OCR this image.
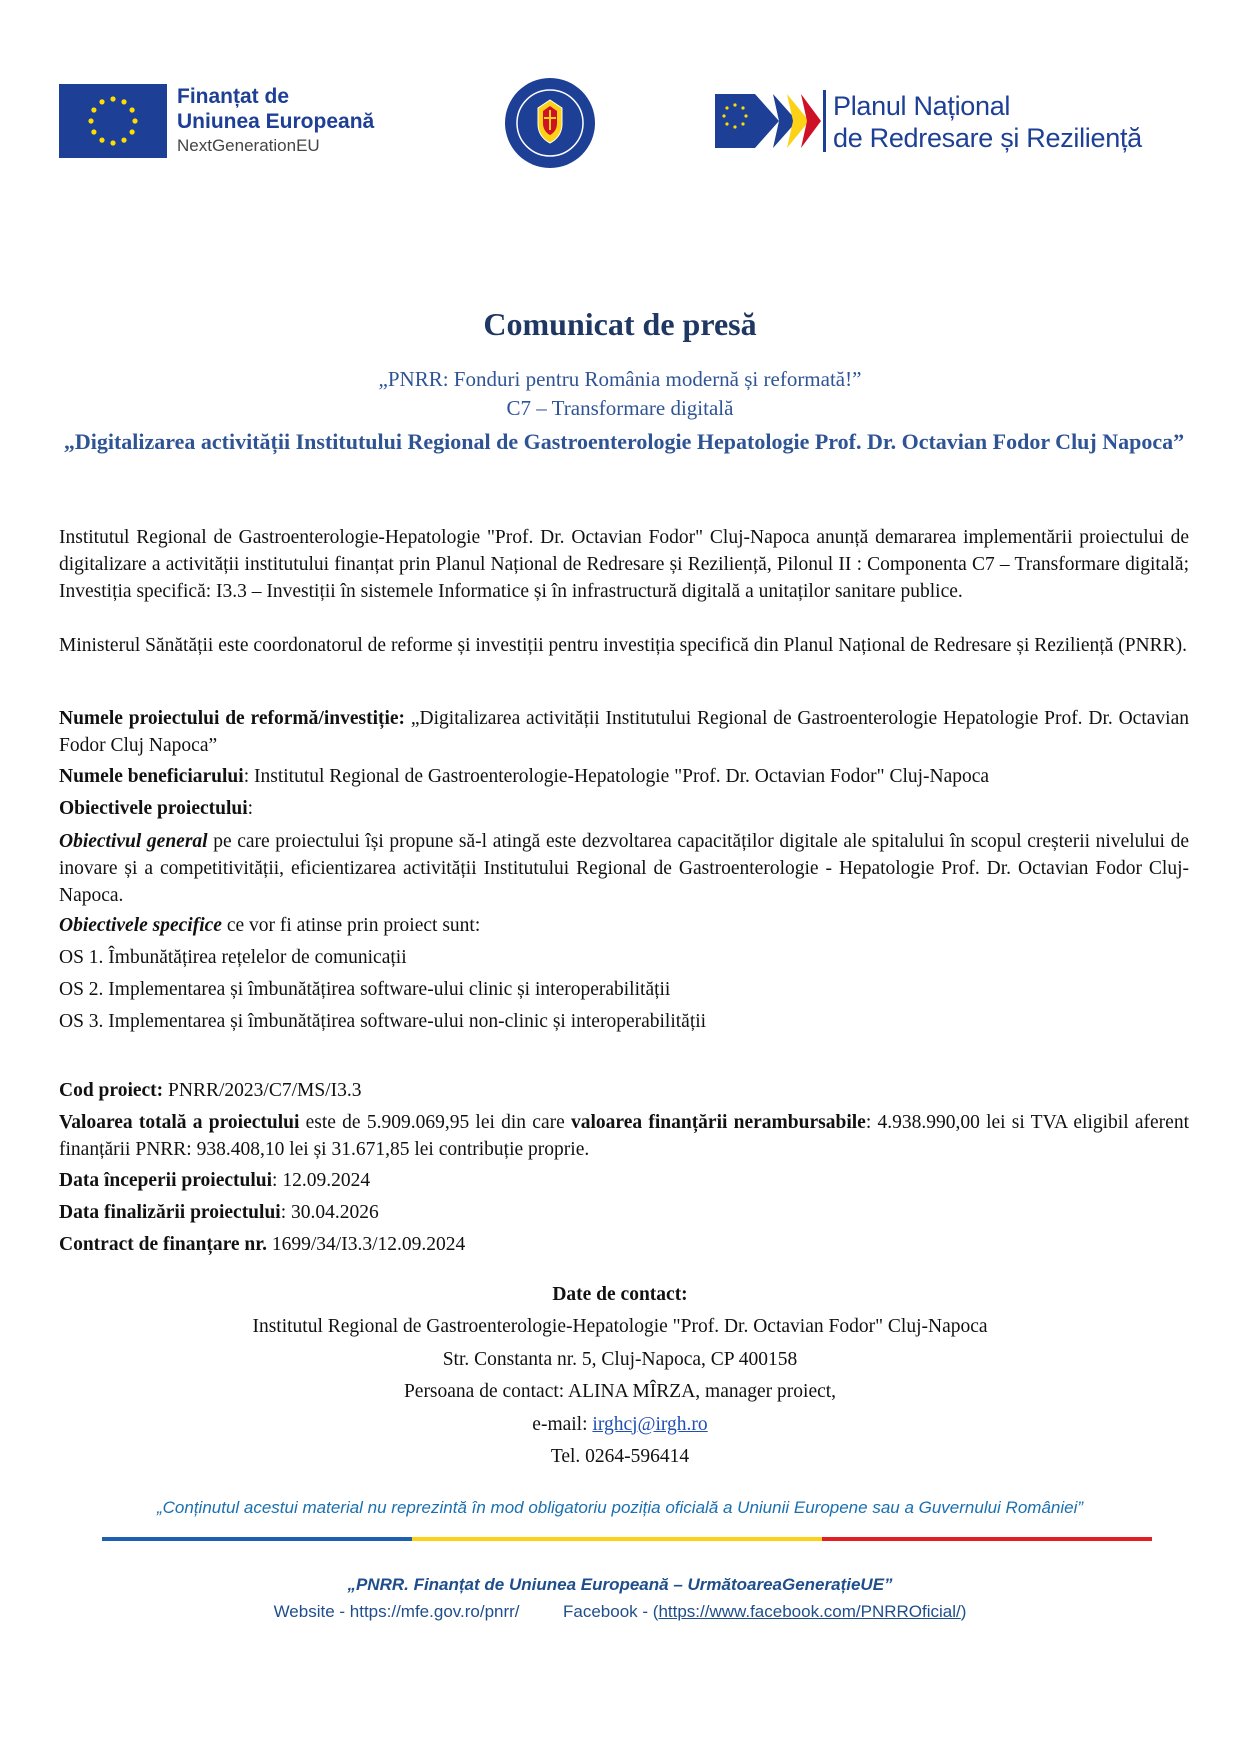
Finanțat de
Uniunea Europeană
NextGenerationEU
Planul Național
de Redresare și Reziliență
Comunicat de presă
„PNRR: Fonduri pentru România modernă și reformată!”
C7 – Transformare digitală
„Digitalizarea activității Institutului Regional de Gastroenterologie Hepatologie Prof. Dr. Octavian Fodor Cluj Napoca”
Institutul Regional de Gastroenterologie-Hepatologie "Prof. Dr. Octavian Fodor" Cluj-Napoca anunță demararea implementării proiectului de digitalizare a activității institutului finanțat prin Planul Național de Redresare și Reziliență, Pilonul II : Componenta C7 – Transformare digitală; Investiția specifică: I3.3 – Investiții în sistemele Informatice și în infrastructură digitală a unitaților sanitare publice.
Ministerul Sănătății este coordonatorul de reforme și investiții pentru investiția specifică din Planul Național de Redresare și Reziliență (PNRR).
Numele proiectului de reformă/investiție: „Digitalizarea activității Institutului Regional de Gastroenterologie Hepatologie Prof. Dr. Octavian Fodor Cluj Napoca”
Numele beneficiarului: Institutul Regional de Gastroenterologie-Hepatologie "Prof. Dr. Octavian Fodor" Cluj-Napoca
Obiectivele proiectului:
Obiectivul general pe care proiectului își propune să-l atingă este dezvoltarea capacităților digitale ale spitalului în scopul creșterii nivelului de inovare și a competitivității, eficientizarea activității Institutului Regional de Gastroenterologie - Hepatologie Prof. Dr. Octavian Fodor Cluj-Napoca.
Obiectivele specifice ce vor fi atinse prin proiect sunt:
OS 1. Îmbunătățirea rețelelor de comunicații
OS 2. Implementarea și îmbunătățirea software-ului clinic și interoperabilității
OS 3. Implementarea și îmbunătățirea software-ului non-clinic și interoperabilității
Cod proiect: PNRR/2023/C7/MS/I3.3
Valoarea totală a proiectului este de 5.909.069,95 lei din care valoarea finanțării nerambursabile: 4.938.990,00 lei si TVA eligibil aferent finanțării PNRR: 938.408,10 lei și 31.671,85 lei contribuție proprie.
Data începerii proiectului: 12.09.2024
Data finalizării proiectului: 30.04.2026
Contract de finanțare nr. 1699/34/I3.3/12.09.2024
Date de contact:
Institutul Regional de Gastroenterologie-Hepatologie "Prof. Dr. Octavian Fodor" Cluj-Napoca
Str. Constanta nr. 5, Cluj-Napoca, CP 400158
Persoana de contact: ALINA MÎRZA, manager proiect,
e-mail: irghcj@irgh.ro
Tel. 0264-596414
„Conținutul acestui material nu reprezintă în mod obligatoriu poziția oficială a Uniunii Europene sau a Guvernului României”
„PNRR. Finanțat de Uniunea Europeană – UrmătoareaGenerațieUE”
Website - https://mfe.gov.ro/pnrr/	Facebook - (https://www.facebook.com/PNRROficial/)
